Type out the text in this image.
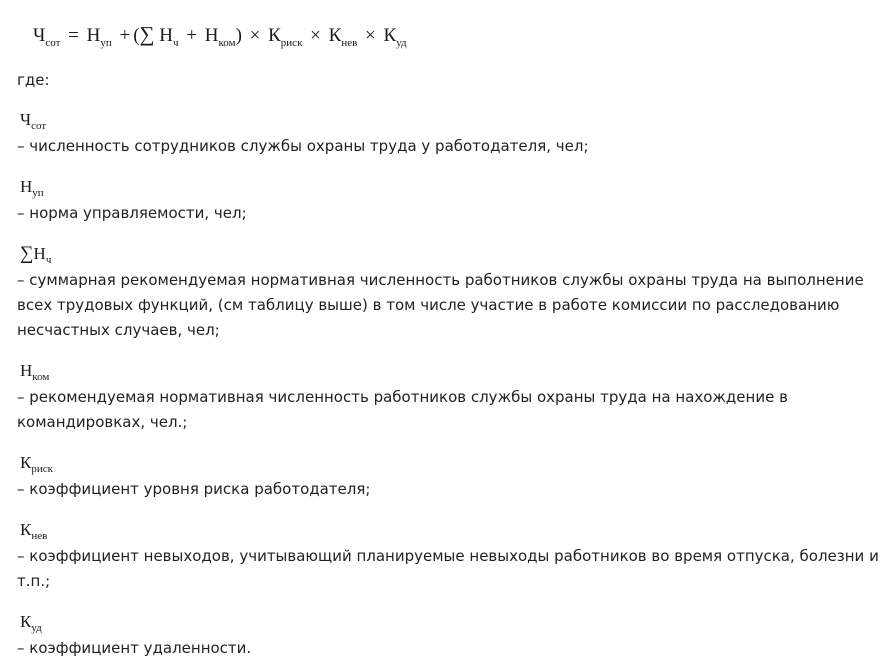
$Ч_{сот} = Н_{уп}$ + (∑ $Н_ч + Н_{ком}) \times К_{риск} \times К_{нев} \times К_{уд}$
где:
$Ч_{сот}$

– численность сотрудников службы охраны труда у работодателя, чел;

$Н_{уп}$

– норма управляемости, чел;

$\sum Н_ч$

– суммарная рекомендуемая нормативная численность работников службы охраны труда на выполнение всех трудовых функций, (см таблицу выше) в том числе участие в работе комиссии по расследованию несчастных случаев, чел;

$Н_{ком}$

– рекомендуемая нормативная численность работников службы охраны труда на нахождение в командировках, чел.;

$К_{риск}$

– коэффициент уровня риска работодателя;

$К_{нев}$

– коэффициент невыходов, учитывающий планируемые невыходы работников во время отпуска, болезни и т.п.;

$К_{уд}$

– коэффициент удаленности.
